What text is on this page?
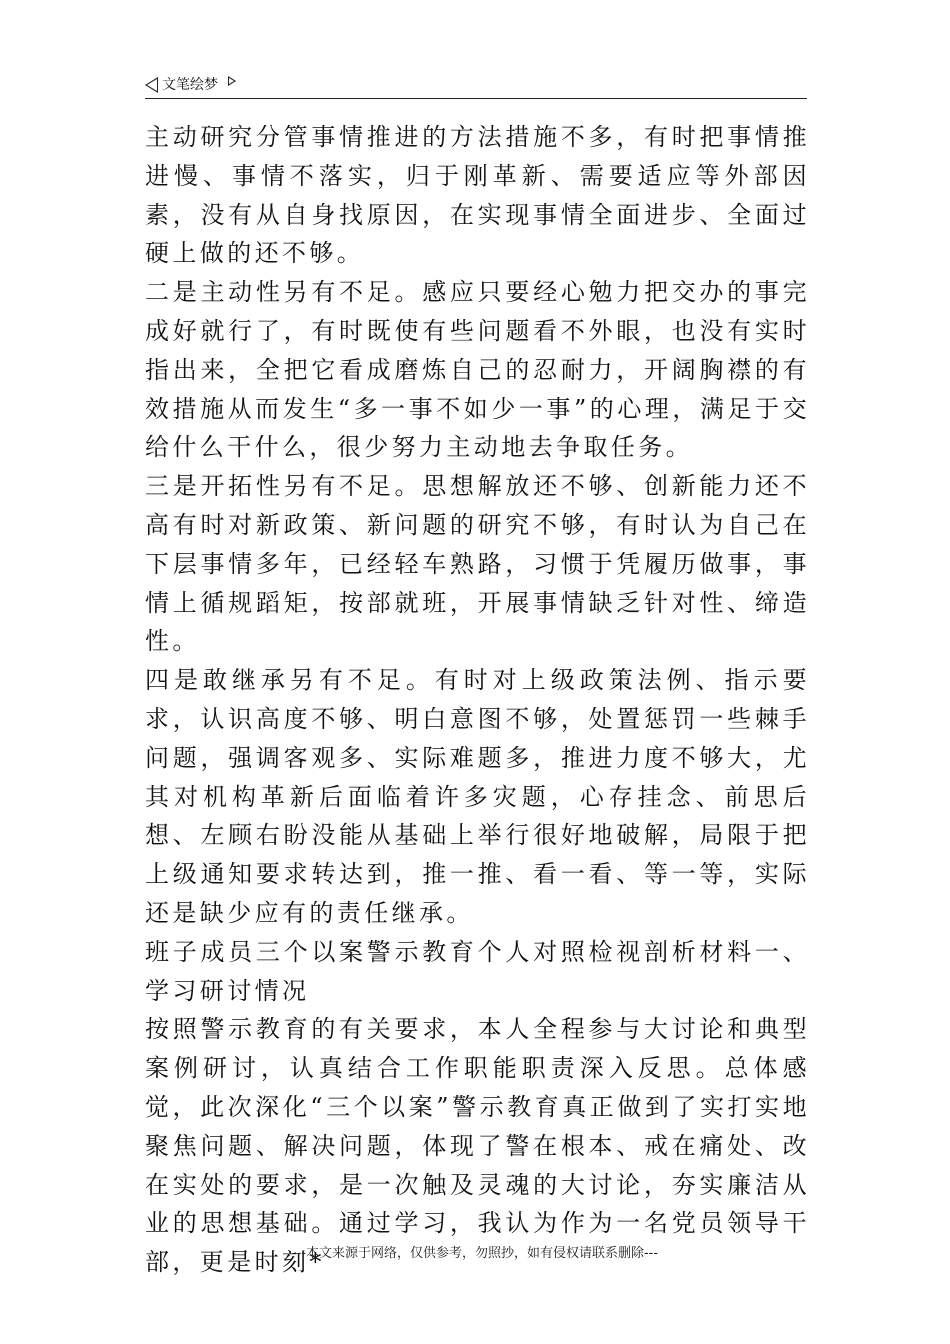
文笔绘梦

主动研究分管事情推进的方法措施不多，有时把事情推进慢、事情不落实，归于刚革新、需要适应等外部因素，没有从自身找原因，在实现事情全面进步、全面过硬上做的还不够。

二是主动性另有不足。感应只要经心勉力把交办的事完成好就行了，有时既使有些问题看不外眼，也没有实时指出来，全把它看成磨炼自己的忍耐力，开阔胸襟的有效措施从而发生“多一事不如少一事”的心理，满足于交给什么干什么，很少努力主动地去争取任务。

三是开拓性另有不足。思想解放还不够、创新能力还不高有时对新政策、新问题的研究不够，有时认为自己在下层事情多年，已经轻车熟路，习惯于凭履历做事，事情上循规蹈矩，按部就班，开展事情缺乏针对性、缔造性。

四是敢继承另有不足。有时对上级政策法例、指示要求，认识高度不够、明白意图不够，处置惩罚一些棘手问题，强调客观多、实际难题多，推进力度不够大，尤其对机构革新后面临着许多灾题，心存挂念、前思后想、左顾右盼没能从基础上举行很好地破解，局限于把上级通知要求转达到，推一推、看一看、等一等，实际还是缺少应有的责任继承。

班子成员三个以案警示教育个人对照检视剖析材料一、学习研讨情况

按照警示教育的有关要求，本人全程参与大讨论和典型案例研讨，认真结合工作职能职责深入反思。总体感觉，此次深化“三个以案”警示教育真正做到了实打实地聚焦问题、解决问题，体现了警在根本、戒在痛处、改在实处的要求，是一次触及灵魂的大讨论，夯实廉洁从业的思想基础。通过学习，我认为作为一名党员领导干部，更是时刻*

---本文来源于网络，仅供参考，勿照抄，如有侵权请联系删除---
